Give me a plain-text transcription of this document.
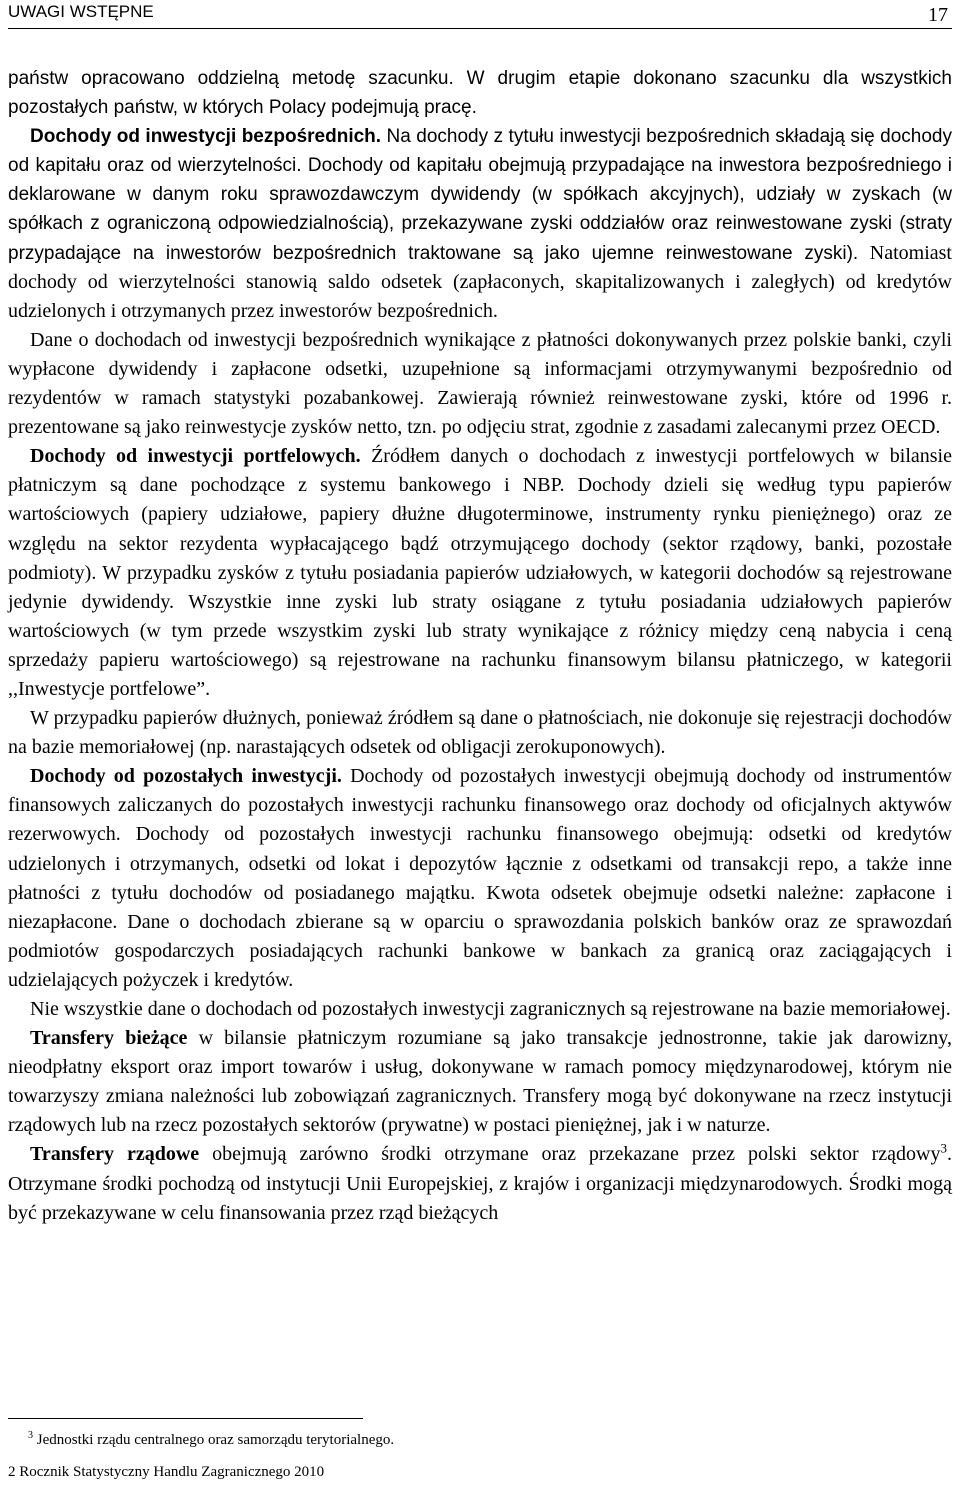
UWAGI WSTĘPNE	17

państw opracowano oddzielną metodę szacunku. W drugim etapie dokonano szacunku dla wszystkich pozostałych państw, w których Polacy podejmują pracę.

Dochody od inwestycji bezpośrednich. Na dochody z tytułu inwestycji bezpośrednich składają się dochody od kapitału oraz od wierzytelności. Dochody od kapitału obejmują przypadające na inwestora bezpośredniego i deklarowane w danym roku sprawozdawczym dywidendy (w spółkach akcyjnych), udziały w zyskach (w spółkach z ograniczoną odpowiedzialnością), przekazywane zyski oddziałów oraz reinwestowane zyski (straty przypadające na inwestorów bezpośrednich traktowane są jako ujemne reinwestowane zyski). Natomiast dochody od wierzytelności stanowią saldo odsetek (zapłaconych, skapitalizowanych i zaległych) od kredytów udzielonych i otrzymanych przez inwestorów bezpośrednich.

Dane o dochodach od inwestycji bezpośrednich wynikające z płatności dokonywanych przez polskie banki, czyli wypłacone dywidendy i zapłacone odsetki, uzupełnione są informacjami otrzymywanymi bezpośrednio od rezydentów w ramach statystyki pozabankowej. Zawierają również reinwestowane zyski, które od 1996 r. prezentowane są jako reinwestycje zysków netto, tzn. po odjęciu strat, zgodnie z zasadami zalecanymi przez OECD.

Dochody od inwestycji portfelowych. Źródłem danych o dochodach z inwestycji portfelowych w bilansie płatniczym są dane pochodzące z systemu bankowego i NBP. Dochody dzieli się według typu papierów wartościowych (papiery udziałowe, papiery dłużne długoterminowe, instrumenty rynku pieniężnego) oraz ze względu na sektor rezydenta wypłacającego bądź otrzymującego dochody (sektor rządowy, banki, pozostałe podmioty). W przypadku zysków z tytułu posiadania papierów udziałowych, w kategorii dochodów są rejestrowane jedynie dywidendy. Wszystkie inne zyski lub straty osiągane z tytułu posiadania udziałowych papierów wartościowych (w tym przede wszystkim zyski lub straty wynikające z różnicy między ceną nabycia i ceną sprzedaży papieru wartościowego) są rejestrowane na rachunku finansowym bilansu płatniczego, w kategorii ,,Inwestycje portfelowe”.

W przypadku papierów dłużnych, ponieważ źródłem są dane o płatnościach, nie dokonuje się rejestracji dochodów na bazie memoriałowej (np. narastających odsetek od obligacji zerokuponowych).

Dochody od pozostałych inwestycji. Dochody od pozostałych inwestycji obejmują dochody od instrumentów finansowych zaliczanych do pozostałych inwestycji rachunku finansowego oraz dochody od oficjalnych aktywów rezerwowych. Dochody od pozostałych inwestycji rachunku finansowego obejmują: odsetki od kredytów udzielonych i otrzymanych, odsetki od lokat i depozytów łącznie z odsetkami od transakcji repo, a także inne płatności z tytułu dochodów od posiadanego majątku. Kwota odsetek obejmuje odsetki należne: zapłacone i niezapłacone. Dane o dochodach zbierane są w oparciu o sprawozdania polskich banków oraz ze sprawozdań podmiotów gospodarczych posiadających rachunki bankowe w bankach za granicą oraz zaciągających i udzielających pożyczek i kredytów.

Nie wszystkie dane o dochodach od pozostałych inwestycji zagranicznych są rejestrowane na bazie memoriałowej.

Transfery bieżące w bilansie płatniczym rozumiane są jako transakcje jednostronne, takie jak darowizny, nieodpłatny eksport oraz import towarów i usług, dokonywane w ramach pomocy międzynarodowej, którym nie towarzyszy zmiana należności lub zobowiązań zagranicznych. Transfery mogą być dokonywane na rzecz instytucji rządowych lub na rzecz pozostałych sektorów (prywatne) w postaci pieniężnej, jak i w naturze.

Transfery rządowe obejmują zarówno środki otrzymane oraz przekazane przez polski sektor rządowy$^3$. Otrzymane środki pochodzą od instytucji Unii Europejskiej, z krajów i organizacji międzynarodowych. Środki mogą być przekazywane w celu finansowania przez rząd bieżących

$^3$ Jednostki rządu centralnego oraz samorządu terytorialnego.
2 Rocznik Statystyczny Handlu Zagranicznego 2010
